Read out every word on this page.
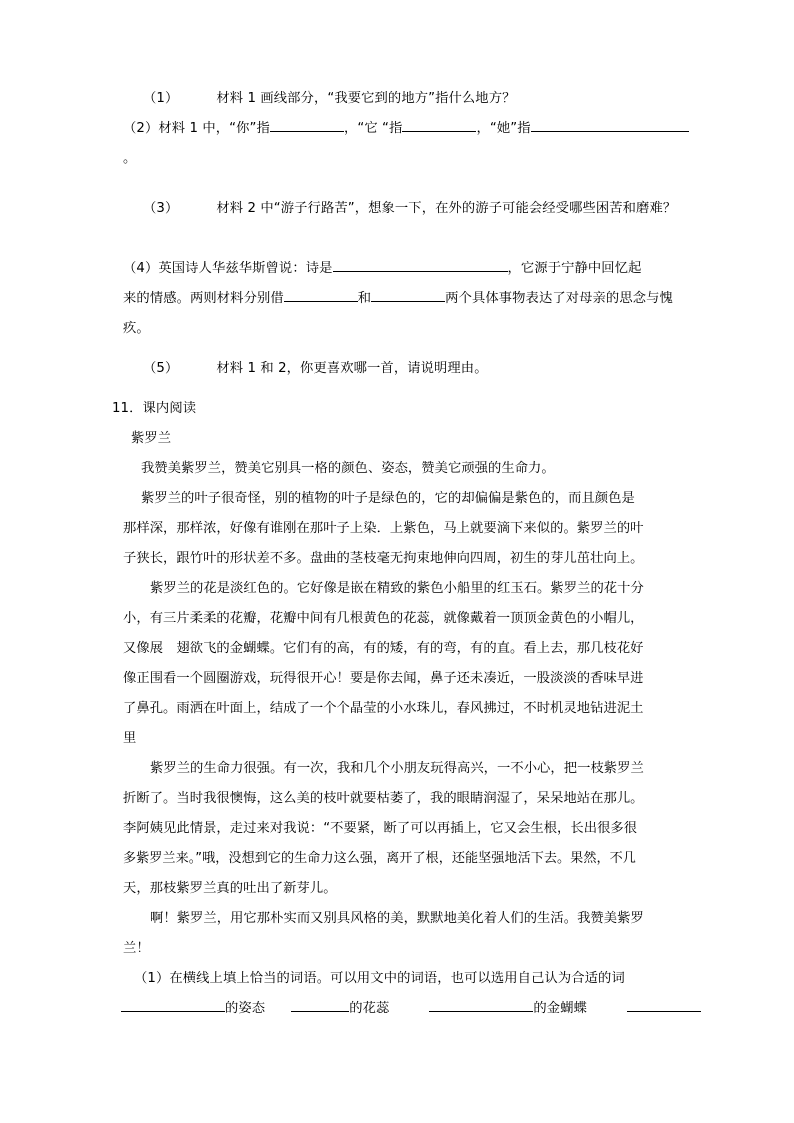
（1）	材料 1 画线部分，“我要它到的地方”指什么地方？
（2）材料 1 中，“你”指	，“它 “指	，“她”指
。
（3）	材料 2 中“游子行路苦”，想象一下，在外的游子可能会经受哪些困苦和磨难？
（4）英国诗人华兹华斯曾说：诗是	，它源于宁静中回忆起
来的情感。两则材料分别借	和	两个具体事物表达了对母亲的思念与愧
疚。
（5）	材料 1 和 2，你更喜欢哪一首，请说明理由。
11．课内阅读
紫罗兰
我赞美紫罗兰，赞美它别具一格的颜色、姿态，赞美它顽强的生命力。
紫罗兰的叶子很奇怪，别的植物的叶子是绿色的，它的却偏偏是紫色的，而且颜色是
那样深，那样浓，好像有谁刚在那叶子上染．上紫色，马上就要滴下来似的。紫罗兰的叶
子狭长，跟竹叶的形状差不多。盘曲的茎枝毫无拘束地伸向四周，初生的芽儿茁壮向上。
紫罗兰的花是淡红色的。它好像是嵌在精致的紫色小船里的红玉石。紫罗兰的花十分
小，有三片柔柔的花瓣，花瓣中间有几根黄色的花蕊，就像戴着一顶顶金黄色的小帽儿，
又像展　翅欲飞的金蝴蝶。它们有的高，有的矮，有的弯，有的直。看上去，那几枝花好
像正围看一个圆圈游戏，玩得很开心！要是你去闻，鼻子还未凑近，一股淡淡的香味早进
了鼻孔。雨洒在叶面上，结成了一个个晶莹的小水珠儿，春风拂过，不时机灵地钻进泥土
里
紫罗兰的生命力很强。有一次，我和几个小朋友玩得高兴，一不小心，把一枝紫罗兰
折断了。当时我很懊悔，这么美的枝叶就要枯萎了，我的眼睛润湿了，呆呆地站在那儿。
李阿姨见此情景，走过来对我说：“不要紧，断了可以再插上，它又会生根，长出很多很
多紫罗兰来。”哦，没想到它的生命力这么强，离开了根，还能坚强地活下去。果然，不几
天，那枝紫罗兰真的吐出了新芽儿。
啊！紫罗兰，用它那朴实而又别具风格的美，默默地美化着人们的生活。我赞美紫罗
兰！
（1）在横线上填上恰当的词语。可以用文中的词语，也可以选用自己认为合适的词
的姿态	的花蕊	的金蝴蝶
